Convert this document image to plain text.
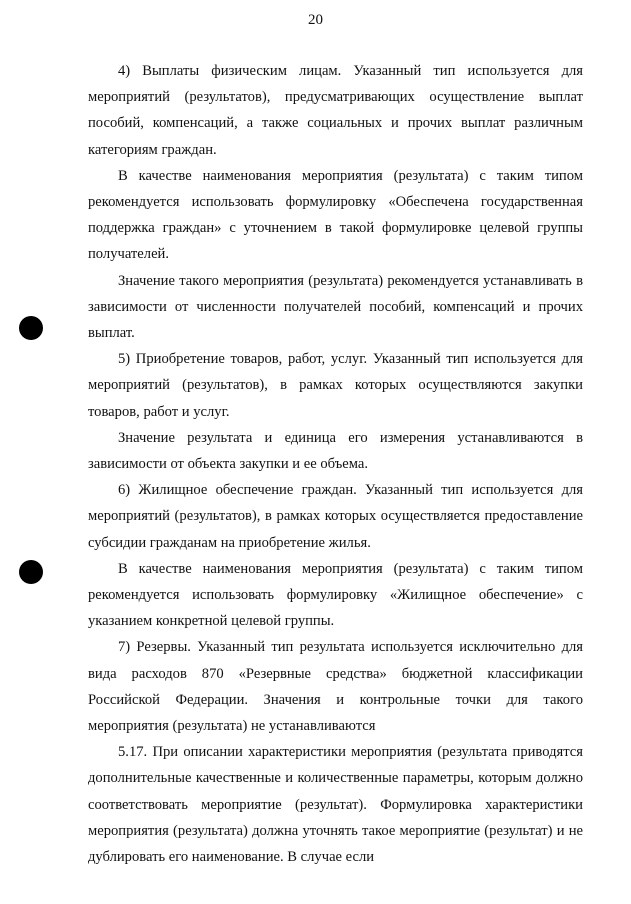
20

4) Выплаты физическим лицам. Указанный тип используется для мероприятий (результатов), предусматривающих осуществление выплат пособий, компенсаций, а также социальных и прочих выплат различным категориям граждан.

В качестве наименования мероприятия (результата) с таким типом рекомендуется использовать формулировку «Обеспечена государственная поддержка граждан» с уточнением в такой формулировке целевой группы получателей.

Значение такого мероприятия (результата) рекомендуется устанавливать в зависимости от численности получателей пособий, компенсаций и прочих выплат.

5) Приобретение товаров, работ, услуг. Указанный тип используется для мероприятий (результатов), в рамках которых осуществляются закупки товаров, работ и услуг.

Значение результата и единица его измерения устанавливаются в зависимости от объекта закупки и ее объема.

6) Жилищное обеспечение граждан. Указанный тип используется для мероприятий (результатов), в рамках которых осуществляется предоставление субсидии гражданам на приобретение жилья.

В качестве наименования мероприятия (результата) с таким типом рекомендуется использовать формулировку «Жилищное обеспечение» с указанием конкретной целевой группы.

7) Резервы. Указанный тип результата используется исключительно для вида расходов 870 «Резервные средства» бюджетной классификации Российской Федерации. Значения и контрольные точки для такого мероприятия (результата) не устанавливаются

5.17. При описании характеристики мероприятия (результата приводятся дополнительные качественные и количественные параметры, которым должно соответствовать мероприятие (результат). Формулировка характеристики мероприятия (результата) должна уточнять такое мероприятие (результат) и не дублировать его наименование. В случае если
